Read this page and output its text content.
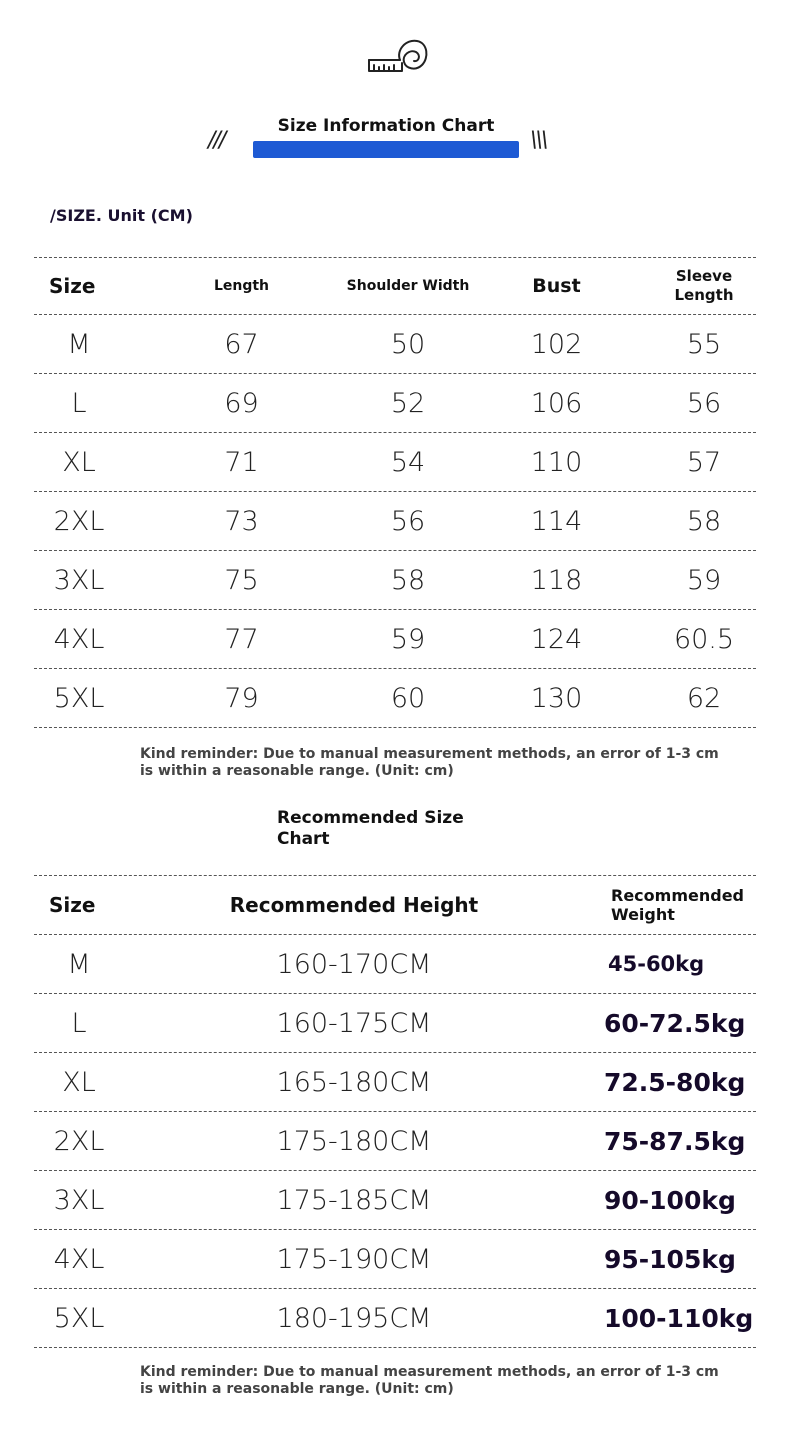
///
Size Information Chart
\\\
/SIZE. Unit (CM)
Size	Length	Shoulder Width	Bust	Sleeve Length
M	67	50	102	55
L	69	52	106	56
XL	71	54	110	57
2XL	73	56	114	58
3XL	75	58	118	59
4XL	77	59	124	60.5
5XL	79	60	130	62
Kind reminder: Due to manual measurement methods, an error of 1-3 cm
is within a reasonable range. (Unit: cm)
Recommended Size
Chart
Size	Recommended Height	Recommended Weight
M	160-170CM	45-60kg
L	160-175CM	60-72.5kg
XL	165-180CM	72.5-80kg
2XL	175-180CM	75-87.5kg
3XL	175-185CM	90-100kg
4XL	175-190CM	95-105kg
5XL	180-195CM	100-110kg
Kind reminder: Due to manual measurement methods, an error of 1-3 cm
is within a reasonable range. (Unit: cm)
